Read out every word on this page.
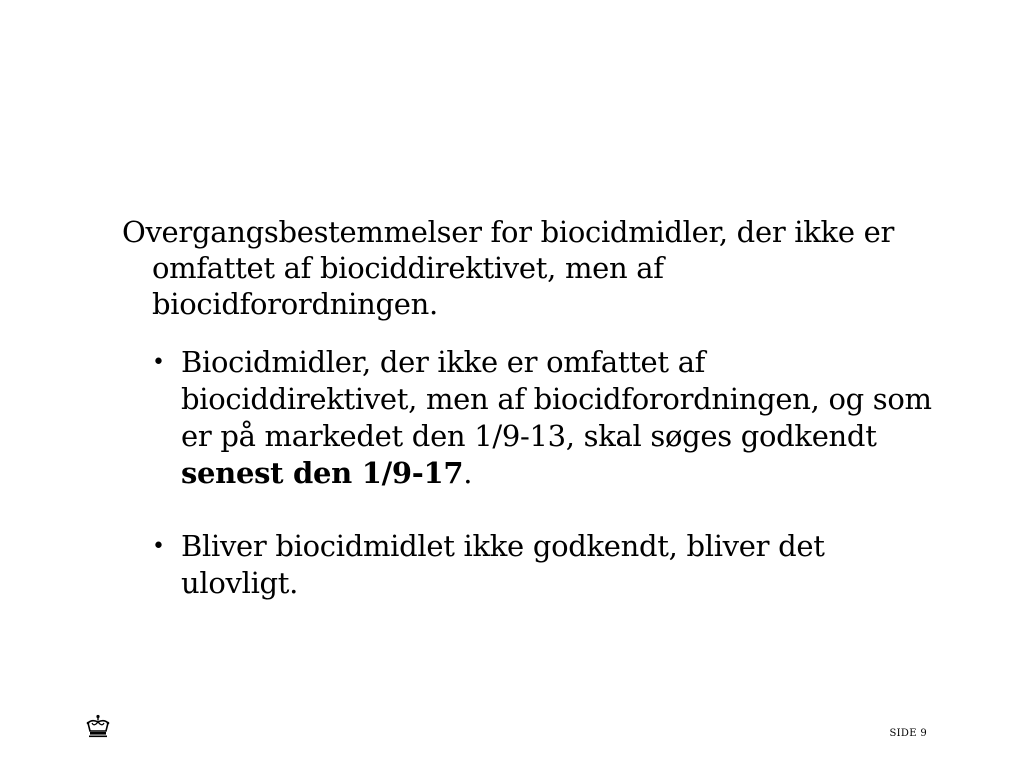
Overgangsbestemmelser for biocidmidler, der ikke er omfattet af biociddirektivet, men af biocidforordningen.

• Biocidmidler, der ikke er omfattet af biociddirektivet, men af biocidforordningen, og som er på markedet den 1/9-13, skal søges godkendt senest den 1/9-17.
• Bliver biocidmidlet ikke godkendt, bliver det ulovligt.
SIDE 9
